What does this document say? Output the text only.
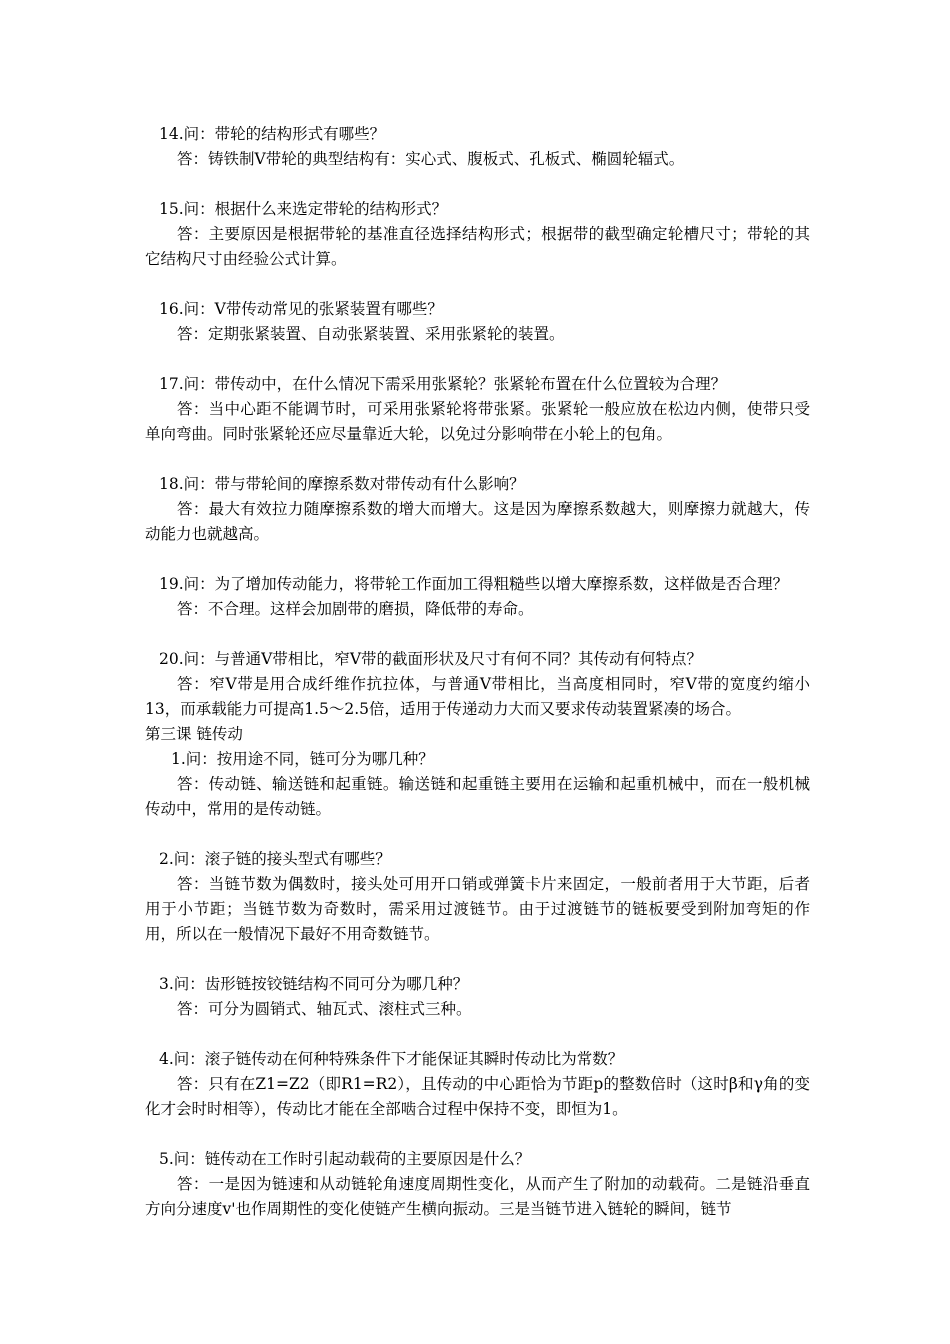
14.问：带轮的结构形式有哪些？
答：铸铁制V带轮的典型结构有：实心式、腹板式、孔板式、椭圆轮辐式。
15.问：根据什么来选定带轮的结构形式？
答：主要原因是根据带轮的基准直径选择结构形式；根据带的截型确定轮槽尺寸；带轮的其它结构尺寸由经验公式计算。
16.问：V带传动常见的张紧装置有哪些？
答：定期张紧装置、自动张紧装置、采用张紧轮的装置。
17.问：带传动中，在什么情况下需采用张紧轮？张紧轮布置在什么位置较为合理？
答：当中心距不能调节时，可采用张紧轮将带张紧。张紧轮一般应放在松边内侧，使带只受单向弯曲。同时张紧轮还应尽量靠近大轮，以免过分影响带在小轮上的包角。
18.问：带与带轮间的摩擦系数对带传动有什么影响？
答：最大有效拉力随摩擦系数的增大而增大。这是因为摩擦系数越大，则摩擦力就越大，传动能力也就越高。
19.问：为了增加传动能力，将带轮工作面加工得粗糙些以增大摩擦系数，这样做是否合理？
答：不合理。这样会加剧带的磨损，降低带的寿命。
20.问：与普通V带相比，窄V带的截面形状及尺寸有何不同？其传动有何特点？
答：窄V带是用合成纤维作抗拉体，与普通V带相比，当高度相同时，窄V带的宽度约缩小13，而承载能力可提高1.5～2.5倍，适用于传递动力大而又要求传动装置紧凑的场合。
第三课 链传动
1.问：按用途不同，链可分为哪几种？
答：传动链、输送链和起重链。输送链和起重链主要用在运输和起重机械中，而在一般机械传动中，常用的是传动链。
2.问：滚子链的接头型式有哪些？
答：当链节数为偶数时，接头处可用开口销或弹簧卡片来固定，一般前者用于大节距，后者用于小节距；当链节数为奇数时，需采用过渡链节。由于过渡链节的链板要受到附加弯矩的作用，所以在一般情况下最好不用奇数链节。
3.问：齿形链按铰链结构不同可分为哪几种？
答：可分为圆销式、轴瓦式、滚柱式三种。
4.问：滚子链传动在何种特殊条件下才能保证其瞬时传动比为常数？
答：只有在Z1=Z2（即R1=R2），且传动的中心距恰为节距p的整数倍时（这时β和γ角的变化才会时时相等），传动比才能在全部啮合过程中保持不变，即恒为1。
5.问：链传动在工作时引起动载荷的主要原因是什么？
答：一是因为链速和从动链轮角速度周期性变化，从而产生了附加的动载荷。二是链沿垂直方向分速度v'也作周期性的变化使链产生横向振动。三是当链节进入链轮的瞬间，链节
